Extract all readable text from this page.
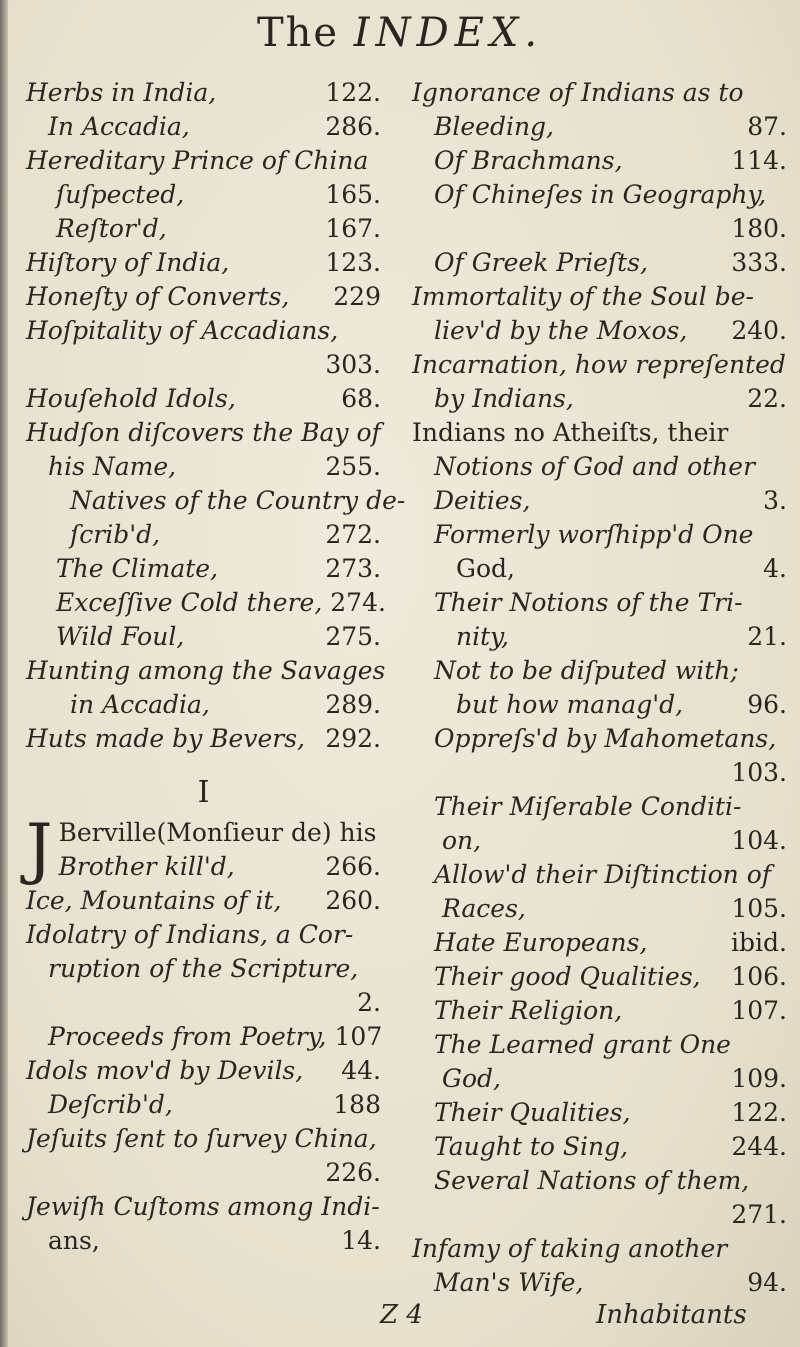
The INDEX.
Herbs in India,	122.
In Accadia,	286.
Hereditary Prince of China
ſuſpected,	165.
Reſtor'd,	167.
Hiſtory of India,	123.
Honeſty of Converts,	229
Hoſpitality of Accadians,
303.
Houſehold Idols,	68.
Hudſon diſcovers the Bay of
his Name,	255.
Natives of the Country de-
ſcrib'd,	272.
The Climate,	273.
Exceſſive Cold there, 274.
Wild Foul,	275.
Hunting among the Savages
in Accadia,	289.
Huts made by Bevers, 292.
I
J Berville(Monſieur de) his
Brother kill'd,	266.
Ice, Mountains of it,	260.
Idolatry of Indians, a Cor-
ruption of the Scripture,
2.
Proceeds from Poetry, 107
Idols mov'd by Devils,	44.
Deſcrib'd,	188
Jeſuits ſent to ſurvey China,
226.
Jewiſh Cuſtoms among Indi-
ans,	14.
Ignorance of Indians as to
Bleeding,	87.
Of Brachmans,	114.
Of Chineſes in Geography,
180.
Of Greek Prieſts,	333.
Immortality of the Soul be-
liev'd by the Moxos,	240.
Incarnation, how repreſented
by Indians,	22.
Indians no Atheiſts, their
Notions of God and other
Deities,	3.
Formerly worſhipp'd One
God,	4.
Their Notions of the Tri-
nity,	21.
Not to be diſputed with;
but how manag'd,	96.
Oppreſs'd by Mahometans,
103.
Their Miſerable Conditi-
on,	104.
Allow'd their Diſtinction of
Races,	105.
Hate Europeans,	ibid.
Their good Qualities,	106.
Their Religion,	107.
The Learned grant One
God,	109.
Their Qualities,	122.
Taught to Sing,	244.
Several Nations of them,
271.
Infamy of taking another
Man's Wife,	94.
Z 4	Inhabitants
